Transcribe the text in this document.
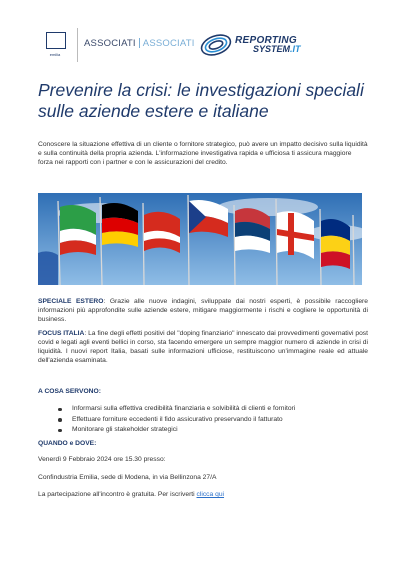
emilia
ASSOCIATI ASSOCIATI	REPORTING
SYSTEM.IT
Prevenire la crisi: le investigazioni speciali sulle aziende estere e italiane

Conoscere la situazione effettiva di un cliente o fornitore strategico, può avere un impatto decisivo sulla liquidità e sulla continuità della propria azienda. L'informazione investigativa rapida e ufficiosa ti assicura maggiore forza nei rapporti con i partner e con le assicurazioni del credito.

SPECIALE ESTERO: Grazie alle nuove indagini, sviluppate dai nostri esperti, è possibile raccogliere informazioni più approfondite sulle aziende estere, mitigare maggiormente i rischi e cogliere le opportunità di business.

FOCUS ITALIA: La fine degli effetti positivi del "doping finanziario" innescato dai provvedimenti governativi post covid e legati agli eventi bellici in corso, sta facendo emergere un sempre maggior numero di aziende in crisi di liquidità. I nuovi report Italia, basati sulle informazioni ufficiose, restituiscono un'immagine reale ed attuale dell'azienda esaminata.

A COSA SERVONO:
Informarsi sulla effettiva credibilità finanziaria e solvibilità di clienti e fornitori
Effettuare forniture eccedenti il fido assicurativo preservando il fatturato
Monitorare gli stakeholder strategici
QUANDO e DOVE:
Venerdì 9 Febbraio 2024 ore 15.30 presso:
Confindustria Emilia, sede di Modena, in via Bellinzona 27/A
La partecipazione all'incontro è gratuita. Per iscriverti clicca qui
